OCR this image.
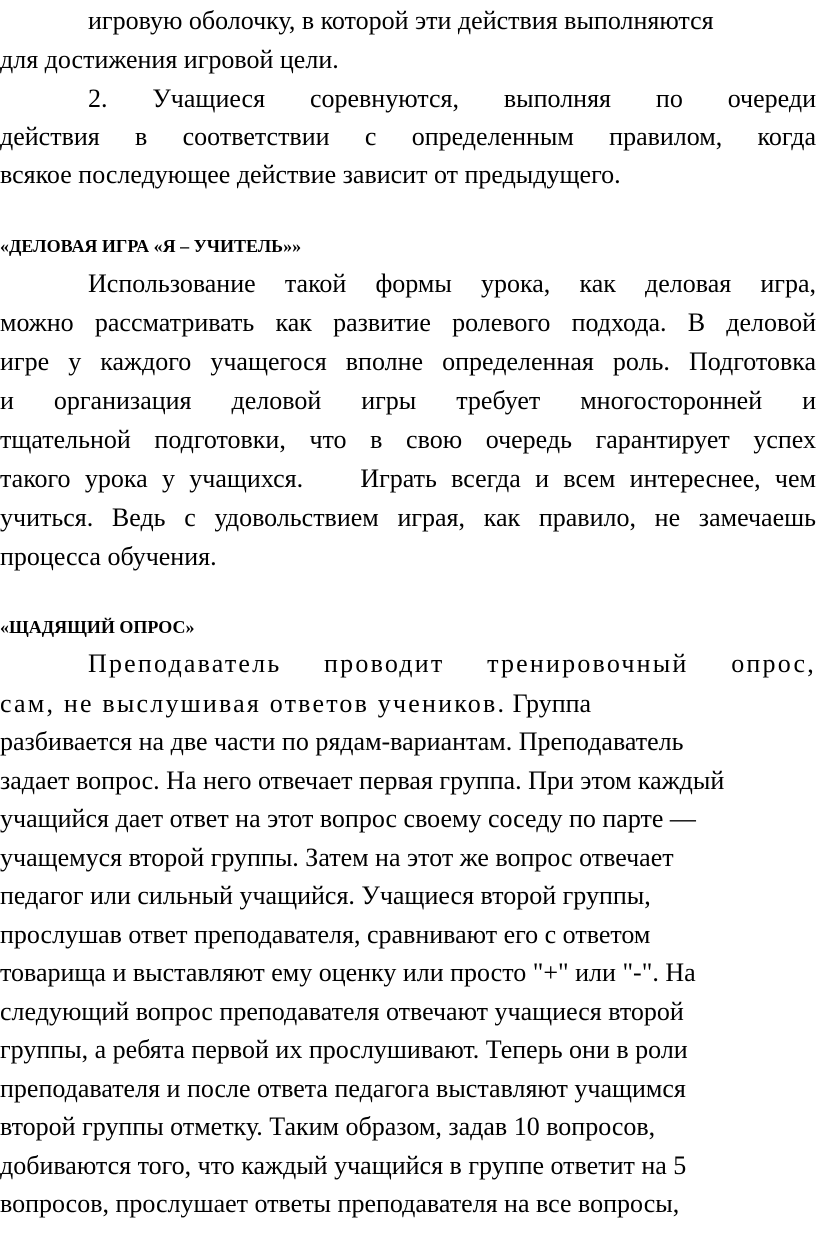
игровую оболочку, в которой эти действия выполняются
для достижения игровой цели.
2. Учащиеся соревнуются, выполняя по очереди
действия в соответствии с определенным правилом, когда
всякое последующее действие зависит от предыдущего.
«ДЕЛОВАЯ ИГРА «Я – УЧИТЕЛЬ»»
Использование такой формы урока, как деловая игра,
можно рассматривать как развитие ролевого подхода. В деловой
игре у каждого учащегося вполне определенная роль. Подготовка
и организация деловой игры требует многосторонней и
тщательной подготовки, что в свою очередь гарантирует успех
такого урока у учащихся.    Играть всегда и всем интереснее, чем
учиться. Ведь с удовольствием играя, как правило, не замечаешь
процесса обучения.
«ЩАДЯЩИЙ ОПРОС»
Преподаватель проводит тренировочный опрос,
сам, не выслушивая ответов учеников. Группа
разбивается на две части по рядам-вариантам. Преподаватель
задает вопрос. На него отвечает первая группа. При этом каждый
учащийся дает ответ на этот вопрос своему соседу по парте —
учащемуся второй группы. Затем на этот же вопрос отвечает
педагог или сильный учащийся. Учащиеся второй группы,
прослушав ответ преподавателя, сравнивают его с ответом
товарища и выставляют ему оценку или просто "+" или "-". На
следующий вопрос преподавателя отвечают учащиеся второй
группы, а ребята первой их прослушивают. Теперь они в роли
преподавателя и после ответа педагога выставляют учащимся
второй группы отметку. Таким образом, задав 10 вопросов,
добиваются того, что каждый учащийся в группе ответит на 5
вопросов, прослушает ответы преподавателя на все вопросы,
